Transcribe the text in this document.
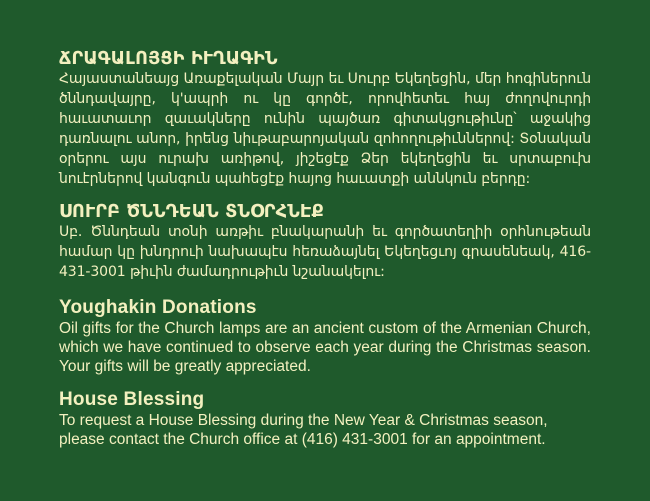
ՃՐԱԳԱԼՈՅՑԻ ԻՒՂԱԳԻՆ

Հայաստանեայց Առաքելական Մայր եւ Սուրբ Եկեղեցին, մեր հոգիներուն ծննդավայրը, կ'ապրի ու կը գործէ, որովհետեւ հայ ժողովուրդի հաւատաւոր զաւակները ունին պայծառ գիտակցութիւնը՝ աջակից դառնալու անոր, իրենց նիւթաբարոյական զոհողութիւններով: Տօնական օրերու այս ուրախ առիթով, յիշեցէք Ձեր եկեղեցին եւ սրտաբուխ նուէրներով կանգուն պահեցէք հայոց հաւատքի աննկուն բերդը:

ՍՈՒՐԲ ԾՆՆԴԵԱՆ ՏՆՕՐՀՆԷՔ

Սբ. Ծննդեան տօնի առթիւ բնակարանի եւ գործատեղիի օրհնութեան համար կը խնդրուի նախապէս հեռաձայնել Եկեղեցւոյ գրասենեակ, 416-431-3001 թիւին ժամադրութիւն նշանակելու:

Youghakin Donations

Oil gifts for the Church lamps are an ancient custom of the Armenian Church, which we have continued to observe each year during the Christmas season. Your gifts will be greatly appreciated.

House Blessing

To request a House Blessing during the New Year & Christmas season, please contact the Church office at (416) 431-3001 for an appointment.
